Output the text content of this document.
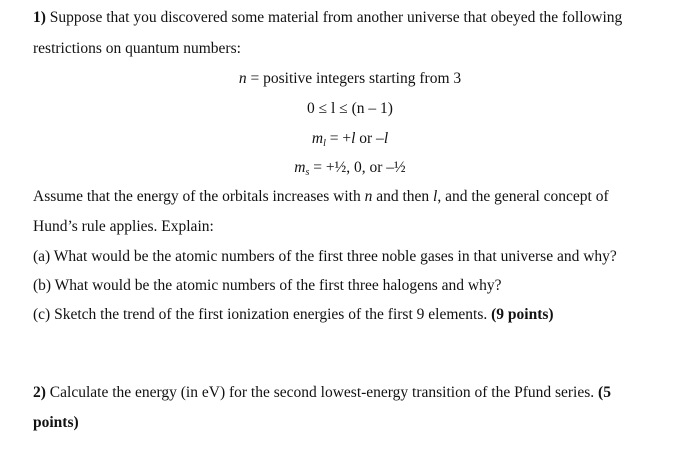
1) Suppose that you discovered some material from another universe that obeyed the following
restrictions on quantum numbers:
n = positive integers starting from 3
0 ≤ l ≤ (n – 1)
$m_l = +l$ or –l
$m_s$ = +½, 0, or –½
Assume that the energy of the orbitals increases with n and then l, and the general concept of
Hund’s rule applies. Explain:
(a) What would be the atomic numbers of the first three noble gases in that universe and why?
(b) What would be the atomic numbers of the first three halogens and why?
(c) Sketch the trend of the first ionization energies of the first 9 elements. (9 points)
2) Calculate the energy (in eV) for the second lowest-energy transition of the Pfund series. (5
points)
